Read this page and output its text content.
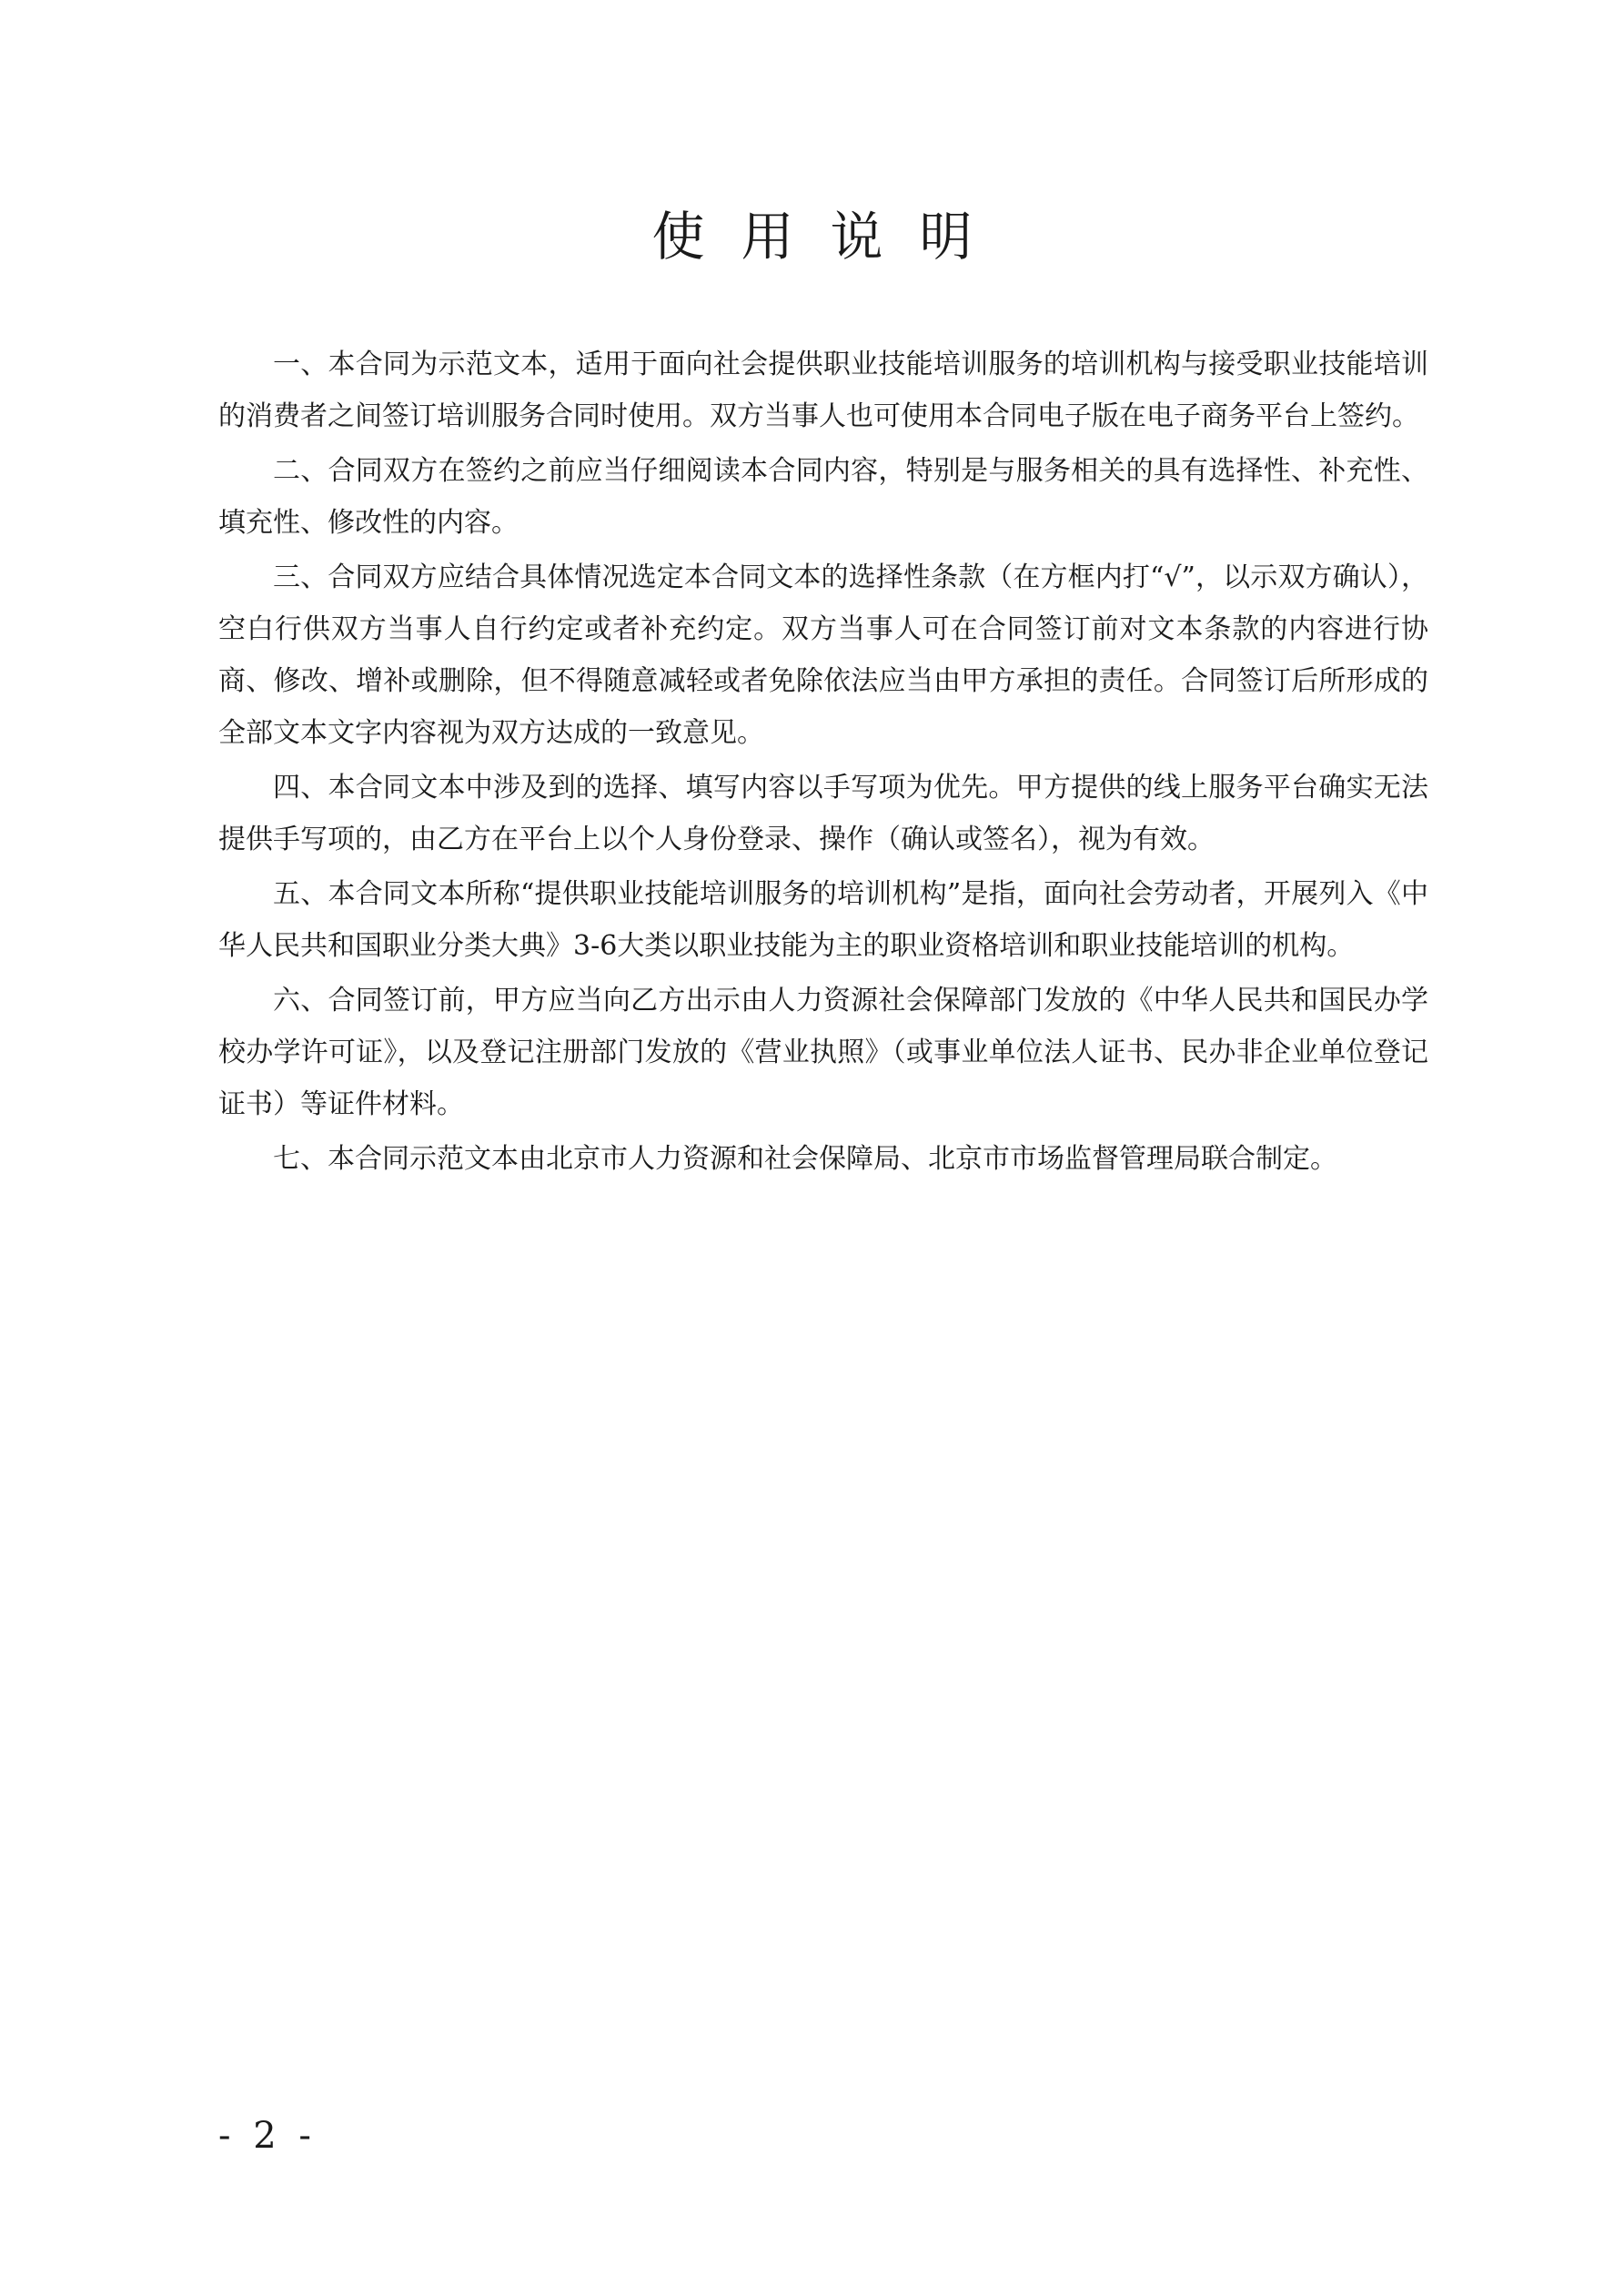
使用说明

一、本合同为示范文本，适用于面向社会提供职业技能培训服务的培训机构与接受职业技能培训的消费者之间签订培训服务合同时使用。双方当事人也可使用本合同电子版在电子商务平台上签约。

二、合同双方在签约之前应当仔细阅读本合同内容，特别是与服务相关的具有选择性、补充性、填充性、修改性的内容。

三、合同双方应结合具体情况选定本合同文本的选择性条款（在方框内打“√”，以示双方确认），空白行供双方当事人自行约定或者补充约定。双方当事人可在合同签订前对文本条款的内容进行协商、修改、增补或删除，但不得随意减轻或者免除依法应当由甲方承担的责任。合同签订后所形成的全部文本文字内容视为双方达成的一致意见。

四、本合同文本中涉及到的选择、填写内容以手写项为优先。甲方提供的线上服务平台确实无法提供手写项的，由乙方在平台上以个人身份登录、操作（确认或签名），视为有效。

五、本合同文本所称“提供职业技能培训服务的培训机构”是指，面向社会劳动者，开展列入《中华人民共和国职业分类大典》3-6大类以职业技能为主的职业资格培训和职业技能培训的机构。

六、合同签订前，甲方应当向乙方出示由人力资源社会保障部门发放的《中华人民共和国民办学校办学许可证》，以及登记注册部门发放的《营业执照》（或事业单位法人证书、民办非企业单位登记证书）等证件材料。

七、本合同示范文本由北京市人力资源和社会保障局、北京市市场监督管理局联合制定。

- 2 -
